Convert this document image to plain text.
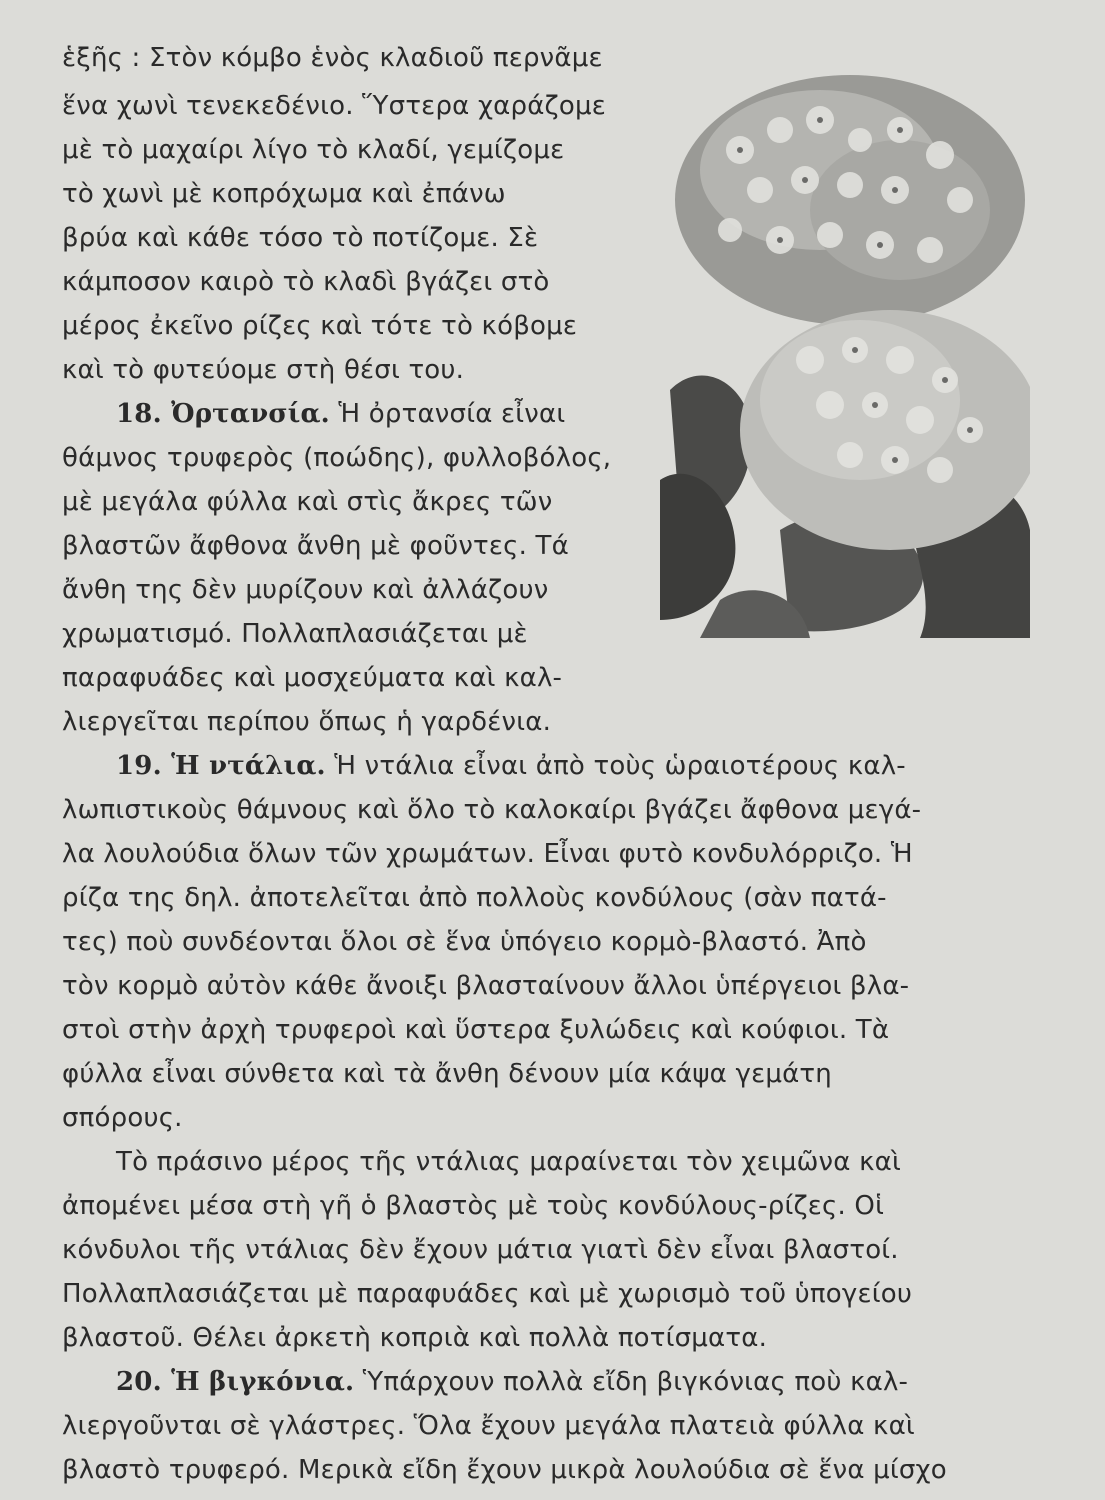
ἑξῆς : Στὸν κόμβο ἑνὸς κλαδιοῦ περνᾶμε
ἕνα χωνὶ τενεκεδένιο. Ὕστερα χαράζομε
μὲ τὸ μαχαίρι λίγο τὸ κλαδί, γεμίζομε
τὸ χωνὶ μὲ κοπρόχωμα καὶ ἐπάνω
βρύα καὶ κάθε τόσο τὸ ποτίζομε. Σὲ
κάμποσον καιρὸ τὸ κλαδὶ βγάζει στὸ
μέρος ἐκεῖνο ρίζες καὶ τότε τὸ κόβομε
καὶ τὸ φυτεύομε στὴ θέσι του.
18. Ὀρτανσία. Ἡ ὀρτανσία εἶναι
θάμνος τρυφερὸς (ποώδης), φυλλοβόλος,
μὲ μεγάλα φύλλα καὶ στὶς ἄκρες τῶν
βλαστῶν ἄφθονα ἄνθη μὲ φοῦντες. Τά
ἄνθη της δὲν μυρίζουν καὶ ἀλλάζουν
χρωματισμό. Πολλαπλασιάζεται μὲ
παραφυάδες καὶ μοσχεύματα καὶ καλ-
λιεργεῖται περίπου ὅπως ἡ γαρδένια.
19. Ἡ ντάλια. Ἡ ντάλια εἶναι ἀπὸ τοὺς ὡραιοτέρους καλ-
λωπιστικοὺς θάμνους καὶ ὅλο τὸ καλοκαίρι βγάζει ἄφθονα μεγά-
λα λουλούδια ὅλων τῶν χρωμάτων. Εἶναι φυτὸ κονδυλόρριζο. Ἡ
ρίζα της δηλ. ἀποτελεῖται ἀπὸ πολλοὺς κονδύλους (σὰν πατά-
τες) ποὺ συνδέονται ὅλοι σὲ ἕνα ὑπόγειο κορμὸ-βλαστό. Ἀπὸ
τὸν κορμὸ αὐτὸν κάθε ἄνοιξι βλασταίνουν ἄλλοι ὑπέργειοι βλα-
στοὶ στὴν ἀρχὴ τρυφεροὶ καὶ ὕστερα ξυλώδεις καὶ κούφιοι. Τὰ
φύλλα εἶναι σύνθετα καὶ τὰ ἄνθη δένουν μία κάψα γεμάτη
σπόρους.
Τὸ πράσινο μέρος τῆς ντάλιας μαραίνεται τὸν χειμῶνα καὶ
ἀπομένει μέσα στὴ γῆ ὁ βλαστὸς μὲ τοὺς κονδύλους-ρίζες. Οἱ
κόνδυλοι τῆς ντάλιας δὲν ἔχουν μάτια γιατὶ δὲν εἶναι βλαστοί.
Πολλαπλασιάζεται μὲ παραφυάδες καὶ μὲ χωρισμὸ τοῦ ὑπογείου
βλαστοῦ. Θέλει ἀρκετὴ κοπριὰ καὶ πολλὰ ποτίσματα.
20. Ἡ βιγκόνια. Ὑπάρχουν πολλὰ εἴδη βιγκόνιας ποὺ καλ-
λιεργοῦνται σὲ γλάστρες. Ὅλα ἔχουν μεγάλα πλατειὰ φύλλα καὶ
βλαστὸ τρυφερό. Μερικὰ εἴδη ἔχουν μικρὰ λουλούδια σὲ ἕνα μίσχο
